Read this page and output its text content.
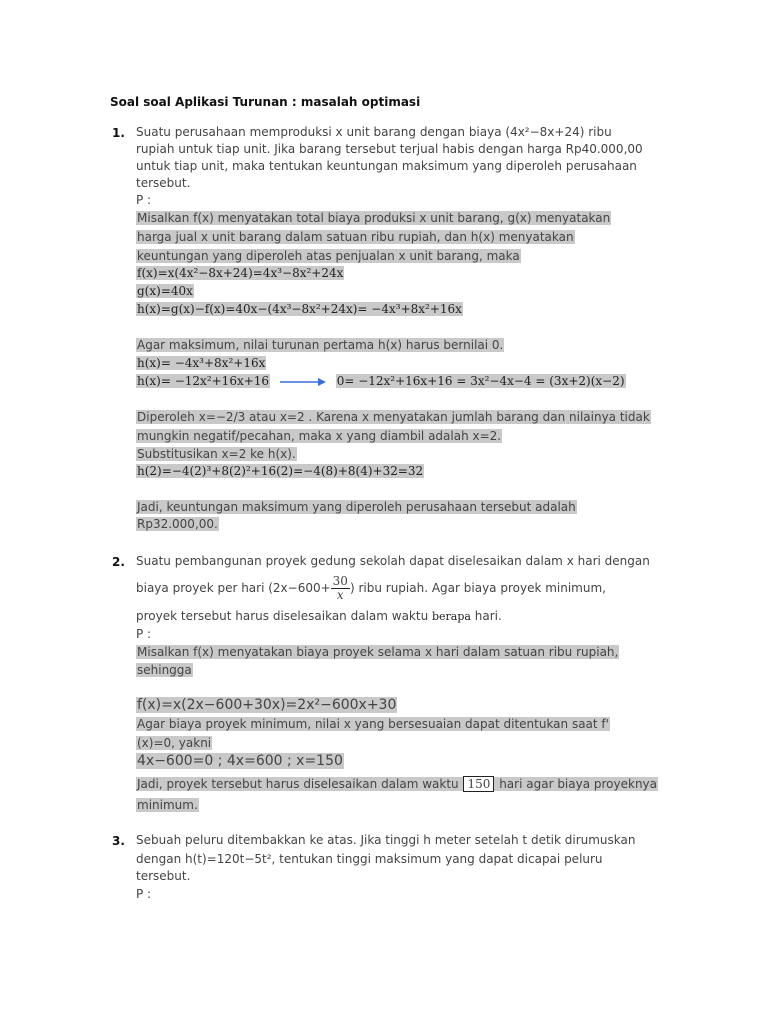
Soal soal Aplikasi Turunan : masalah optimasi
1. Suatu perusahaan memproduksi x unit barang dengan biaya (4x²−8x+24) ribu
rupiah untuk tiap unit. Jika barang tersebut terjual habis dengan harga Rp40.000,00
untuk tiap unit, maka tentukan keuntungan maksimum yang diperoleh perusahaan
tersebut.
P :
Misalkan f(x) menyatakan total biaya produksi x unit barang, g(x) menyatakan
harga jual x unit barang dalam satuan ribu rupiah, dan h(x) menyatakan
keuntungan yang diperoleh atas penjualan x unit barang, maka
f(x)=x(4x²−8x+24)=4x³−8x²+24x
g(x)=40x
h(x)=g(x)−f(x)=40x−(4x³−8x²+24x)= −4x³+8x²+16x
Agar maksimum, nilai turunan pertama h(x) harus bernilai 0.
h(x)= −4x³+8x²+16x
h(x)= −12x²+16x+16	0= −12x²+16x+16 = 3x²−4x−4 = (3x+2)(x−2)
Diperoleh x=−2/3 atau x=2 . Karena x menyatakan jumlah barang dan nilainya tidak
mungkin negatif/pecahan, maka x yang diambil adalah x=2.
Substitusikan x=2 ke h(x).
h(2)=−4(2)³+8(2)²+16(2)=−4(8)+8(4)+32=32
Jadi, keuntungan maksimum yang diperoleh perusahaan tersebut adalah
Rp32.000,00.
2. Suatu pembangunan proyek gedung sekolah dapat diselesaikan dalam x hari dengan
biaya proyek per hari ($2x-600+ \frac{30}{x}$ ) ribu rupiah. Agar biaya proyek minimum,
proyek tersebut harus diselesaikan dalam waktu berapa hari.
P :
Misalkan f(x) menyatakan biaya proyek selama x hari dalam satuan ribu rupiah,
sehingga
f(x)=x(2x−600+30x)=2x²−600x+30
Agar biaya proyek minimum, nilai x yang bersesuaian dapat ditentukan saat f'
(x)=0, yakni
4x−600=0 ; 4x=600 ; x=150
Jadi, proyek tersebut harus diselesaikan dalam waktu 150 hari agar biaya proyeknya
minimum.
3. Sebuah peluru ditembakkan ke atas. Jika tinggi h meter setelah t detik dirumuskan
dengan h(t)=120t−5t², tentukan tinggi maksimum yang dapat dicapai peluru
tersebut.
P :
